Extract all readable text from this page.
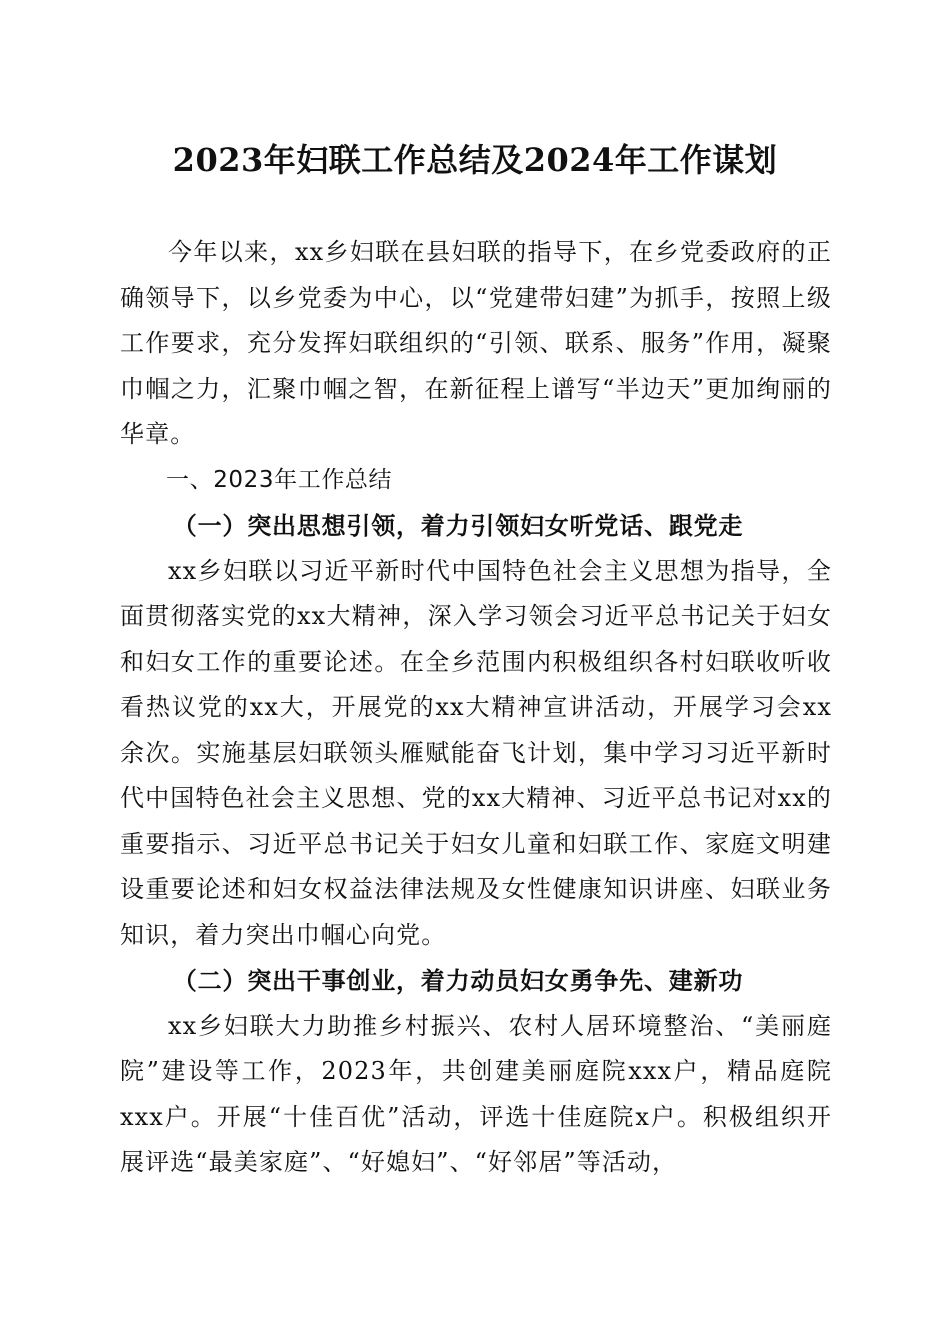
2023年妇联工作总结及2024年工作谋划

今年以来，xx乡妇联在县妇联的指导下，在乡党委政府的正确领导下，以乡党委为中心，以“党建带妇建”为抓手，按照上级工作要求，充分发挥妇联组织的“引领、联系、服务”作用，凝聚巾帼之力，汇聚巾帼之智，在新征程上谱写“半边天”更加绚丽的华章。

一、2023年工作总结

（一）突出思想引领，着力引领妇女听党话、跟党走

xx乡妇联以习近平新时代中国特色社会主义思想为指导，全面贯彻落实党的xx大精神，深入学习领会习近平总书记关于妇女和妇女工作的重要论述。在全乡范围内积极组织各村妇联收听收看热议党的xx大，开展党的xx大精神宣讲活动，开展学习会xx余次。实施基层妇联领头雁赋能奋飞计划，集中学习习近平新时代中国特色社会主义思想、党的xx大精神、习近平总书记对xx的重要指示、习近平总书记关于妇女儿童和妇联工作、家庭文明建设重要论述和妇女权益法律法规及女性健康知识讲座、妇联业务知识，着力突出巾帼心向党。

（二）突出干事创业，着力动员妇女勇争先、建新功

xx乡妇联大力助推乡村振兴、农村人居环境整治、“美丽庭院”建设等工作，2023年，共创建美丽庭院xxx户，精品庭院xxx户。开展“十佳百优”活动，评选十佳庭院x户。积极组织开展评选“最美家庭”、“好媳妇”、“好邻居”等活动，
